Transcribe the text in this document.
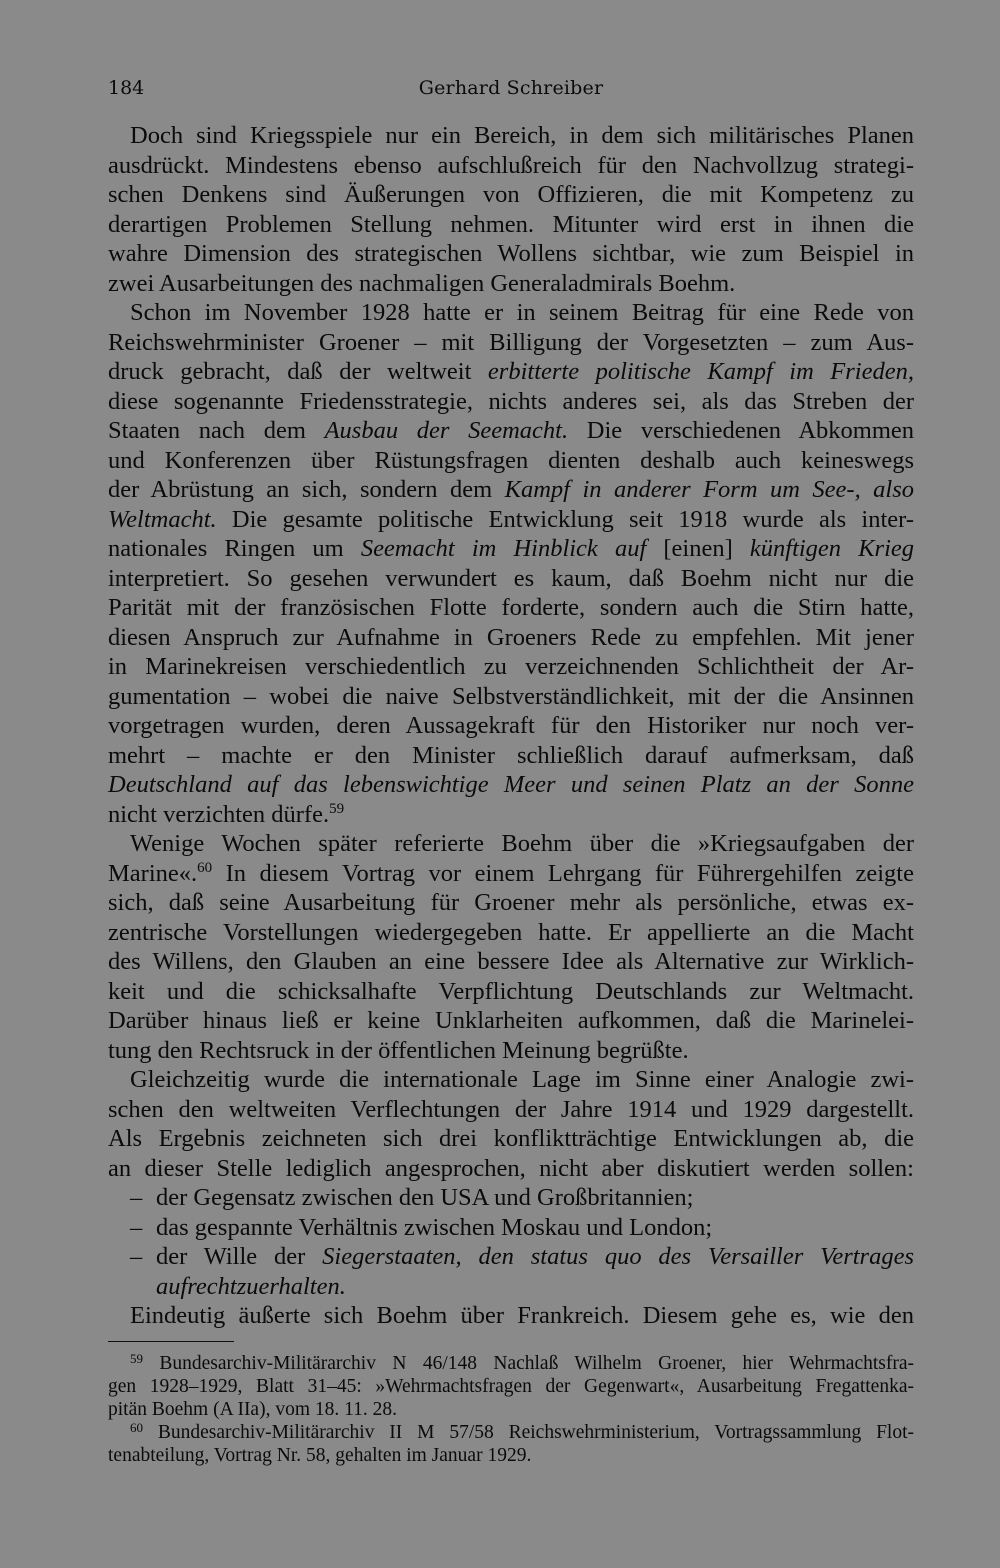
184	Gerhard Schreiber
Doch sind Kriegsspiele nur ein Bereich, in dem sich militärisches Planen
ausdrückt. Mindestens ebenso aufschlußreich für den Nachvollzug strategi-
schen Denkens sind Äußerungen von Offizieren, die mit Kompetenz zu
derartigen Problemen Stellung nehmen. Mitunter wird erst in ihnen die
wahre Dimension des strategischen Wollens sichtbar, wie zum Beispiel in
zwei Ausarbeitungen des nachmaligen Generaladmirals Boehm.
Schon im November 1928 hatte er in seinem Beitrag für eine Rede von
Reichswehrminister Groener – mit Billigung der Vorgesetzten – zum Aus-
druck gebracht, daß der weltweit erbitterte politische Kampf im Frieden,
diese sogenannte Friedensstrategie, nichts anderes sei, als das Streben der
Staaten nach dem Ausbau der Seemacht. Die verschiedenen Abkommen
und Konferenzen über Rüstungsfragen dienten deshalb auch keineswegs
der Abrüstung an sich, sondern dem Kampf in anderer Form um See-, also
Weltmacht. Die gesamte politische Entwicklung seit 1918 wurde als inter-
nationales Ringen um Seemacht im Hinblick auf [einen] künftigen Krieg
interpretiert. So gesehen verwundert es kaum, daß Boehm nicht nur die
Parität mit der französischen Flotte forderte, sondern auch die Stirn hatte,
diesen Anspruch zur Aufnahme in Groeners Rede zu empfehlen. Mit jener
in Marinekreisen verschiedentlich zu verzeichnenden Schlichtheit der Ar-
gumentation – wobei die naive Selbstverständlichkeit, mit der die Ansinnen
vorgetragen wurden, deren Aussagekraft für den Historiker nur noch ver-
mehrt – machte er den Minister schließlich darauf aufmerksam, daß
Deutschland auf das lebenswichtige Meer und seinen Platz an der Sonne
nicht verzichten dürfe.$^{59}$
Wenige Wochen später referierte Boehm über die »Kriegsaufgaben der
Marine«.$^{60}$ In diesem Vortrag vor einem Lehrgang für Führergehilfen zeigte
sich, daß seine Ausarbeitung für Groener mehr als persönliche, etwas ex-
zentrische Vorstellungen wiedergegeben hatte. Er appellierte an die Macht
des Willens, den Glauben an eine bessere Idee als Alternative zur Wirklich-
keit und die schicksalhafte Verpflichtung Deutschlands zur Weltmacht.
Darüber hinaus ließ er keine Unklarheiten aufkommen, daß die Marinelei-
tung den Rechtsruck in der öffentlichen Meinung begrüßte.
Gleichzeitig wurde die internationale Lage im Sinne einer Analogie zwi-
schen den weltweiten Verflechtungen der Jahre 1914 und 1929 dargestellt.
Als Ergebnis zeichneten sich drei konfliktträchtige Entwicklungen ab, die
an dieser Stelle lediglich angesprochen, nicht aber diskutiert werden sollen:
– der Gegensatz zwischen den USA und Großbritannien;
– das gespannte Verhältnis zwischen Moskau und London;
– der Wille der Siegerstaaten, den status quo des Versailler Vertrages
aufrechtzuerhalten.
Eindeutig äußerte sich Boehm über Frankreich. Diesem gehe es, wie den
$^{59}$ Bundesarchiv-Militärarchiv N 46/148 Nachlaß Wilhelm Groener, hier Wehrmachtsfra-
gen 1928–1929, Blatt 31–45: »Wehrmachtsfragen der Gegenwart«, Ausarbeitung Fregattenka-
pitän Boehm (A IIa), vom 18. 11. 28.
$^{60}$ Bundesarchiv-Militärarchiv II M 57/58 Reichswehrministerium, Vortragssammlung Flot-
tenabteilung, Vortrag Nr. 58, gehalten im Januar 1929.
